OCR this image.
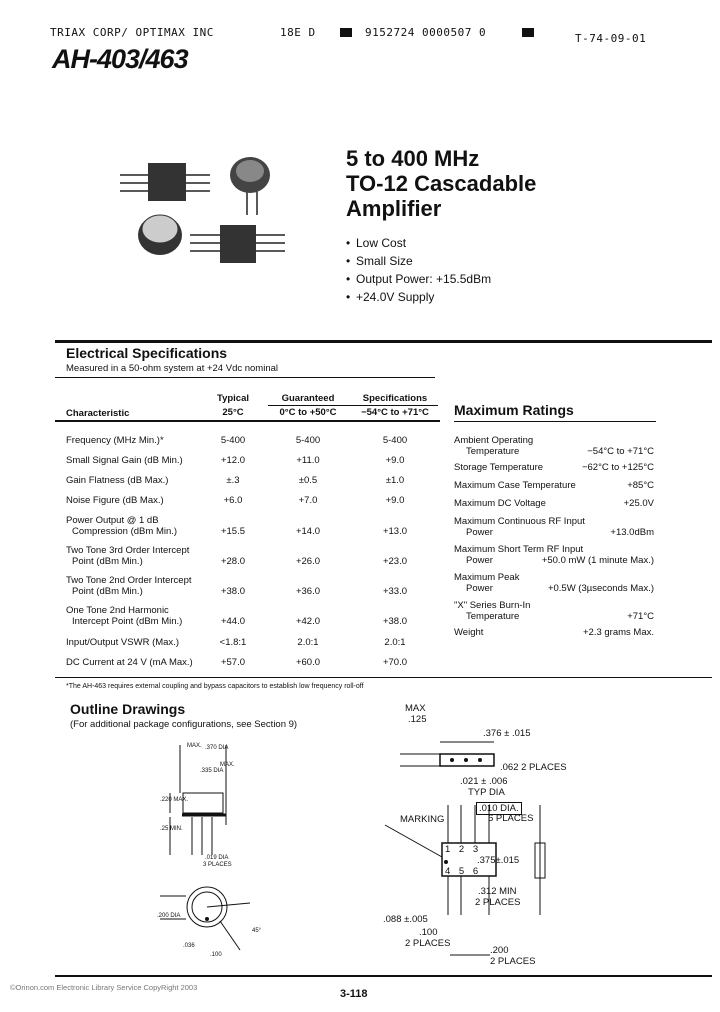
TRIAX CORP/ OPTIMAX INC	18E D	9152724 0000507 0	T-74-09-01
AH-403/463
5 to 400 MHz
TO-12 Cascadable
Amplifier
• Low Cost
• Small Size
• Output Power: +15.5dBm
• +24.0V Supply
Electrical Specifications
Measured in a 50-ohm system at +24 Vdc nominal
Typical	Guaranteed	Specifications
Characteristic	25°C	0°C to +50°C	−54°C to +71°C
Frequency (MHz Min.)*	5-400	5-400	5-400
Small Signal Gain (dB Min.)	+12.0	+11.0	+9.0
Gain Flatness (dB Max.)	±.3	±0.5	±1.0
Noise Figure (dB Max.)	+6.0	+7.0	+9.0
Power Output @ 1 dB
Compression (dBm Min.)	+15.5	+14.0	+13.0
Two Tone 3rd Order Intercept
Point (dBm Min.)	+28.0	+26.0	+23.0
Two Tone 2nd Order Intercept
Point (dBm Min.)	+38.0	+36.0	+33.0
One Tone 2nd Harmonic
Intercept Point (dBm Min.)	+44.0	+42.0	+38.0
Input/Output VSWR (Max.)	<1.8:1	2.0:1	2.0:1
DC Current at 24 V (mA Max.)	+57.0	+60.0	+70.0
*The AH-463 requires external coupling and bypass capacitors to establish low frequency roll-off
Maximum Ratings
Ambient Operating
Temperature	−54°C to +71°C
Storage Temperature	−62°C to +125°C
Maximum Case Temperature	+85°C
Maximum DC Voltage	+25.0V
Maximum Continuous RF Input
Power	+13.0dBm
Maximum Short Term RF Input
Power	+50.0 mW (1 minute Max.)
Maximum Peak
Power	+0.5W (3µseconds Max.)
"X" Series Burn-In
Temperature	+71°C
Weight	+2.3 grams Max.
Outline Drawings
(For additional package configurations, see Section 9)
MAX. .370 DIA
MAX.
.335 DIA
.220 MAX.
.25 MIN.
.019 DIA
3 PLACES
.200 DIA
45°
.036
.100
MAX
.125
.376 ± .015
.062 2 PLACES
.021 ± .006
TYP DIA
.010 DIA.
6 PLACES
MARKING
1 2 3
4 5 6
.375±.015
.312 MIN
2 PLACES
.088 ±.005
.100
2 PLACES
.200
2 PLACES
©Orinon.com Electronic Library Service CopyRight 2003
3-118
